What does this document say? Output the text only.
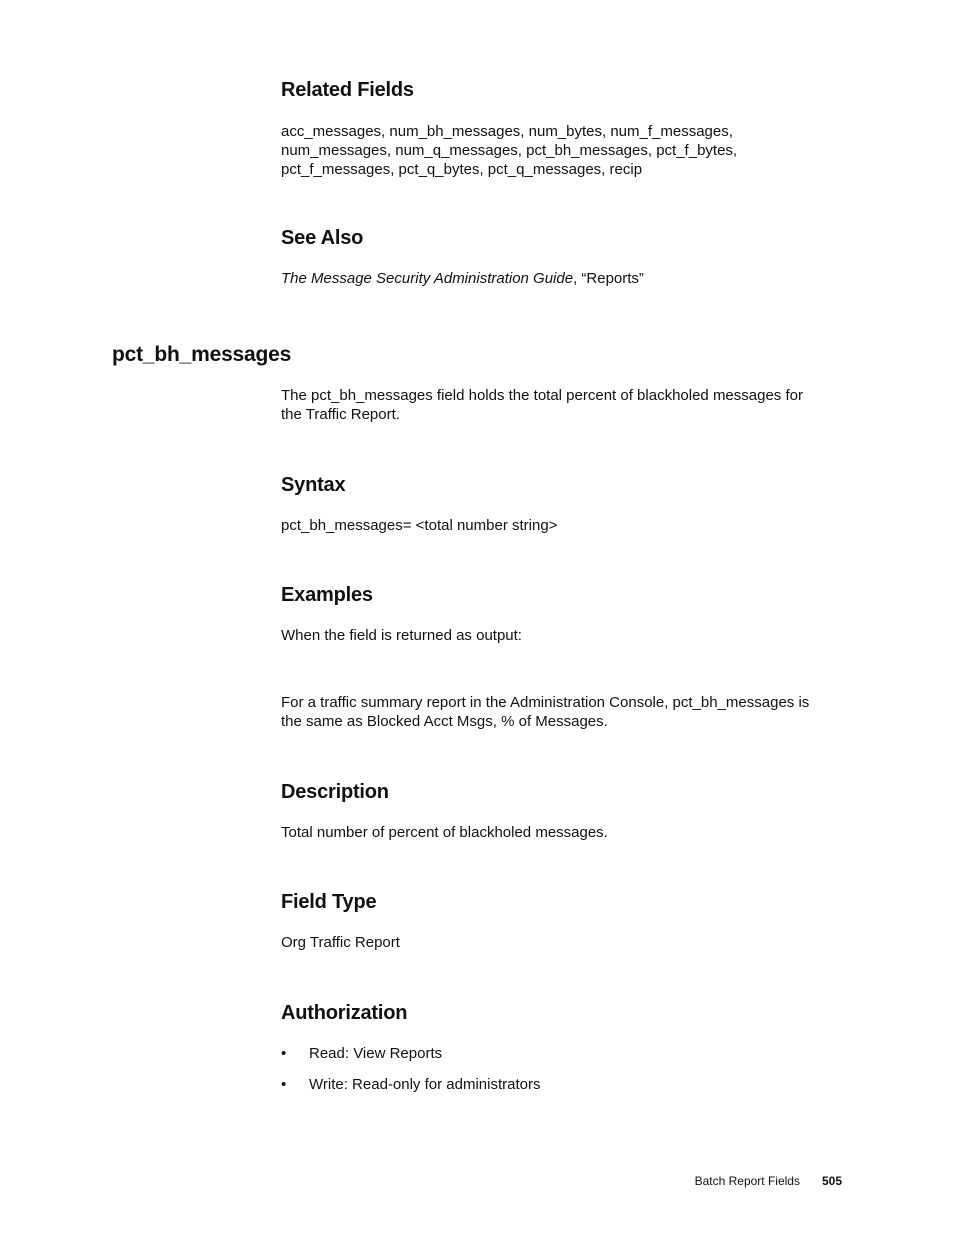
Related Fields

acc_messages, num_bh_messages, num_bytes, num_f_messages,
num_messages, num_q_messages, pct_bh_messages, pct_f_bytes,
pct_f_messages, pct_q_bytes, pct_q_messages, recip

See Also

The Message Security Administration Guide, “Reports”

pct_bh_messages

The pct_bh_messages field holds the total percent of blackholed messages for
the Traffic Report.

Syntax

pct_bh_messages= <total number string>

Examples

When the field is returned as output:

For a traffic summary report in the Administration Console, pct_bh_messages is
the same as Blocked Acct Msgs, % of Messages.

Description

Total number of percent of blackholed messages.

Field Type

Org Traffic Report

Authorization
• Read: View Reports
• Write: Read-only for administrators
Batch Report Fields 505
